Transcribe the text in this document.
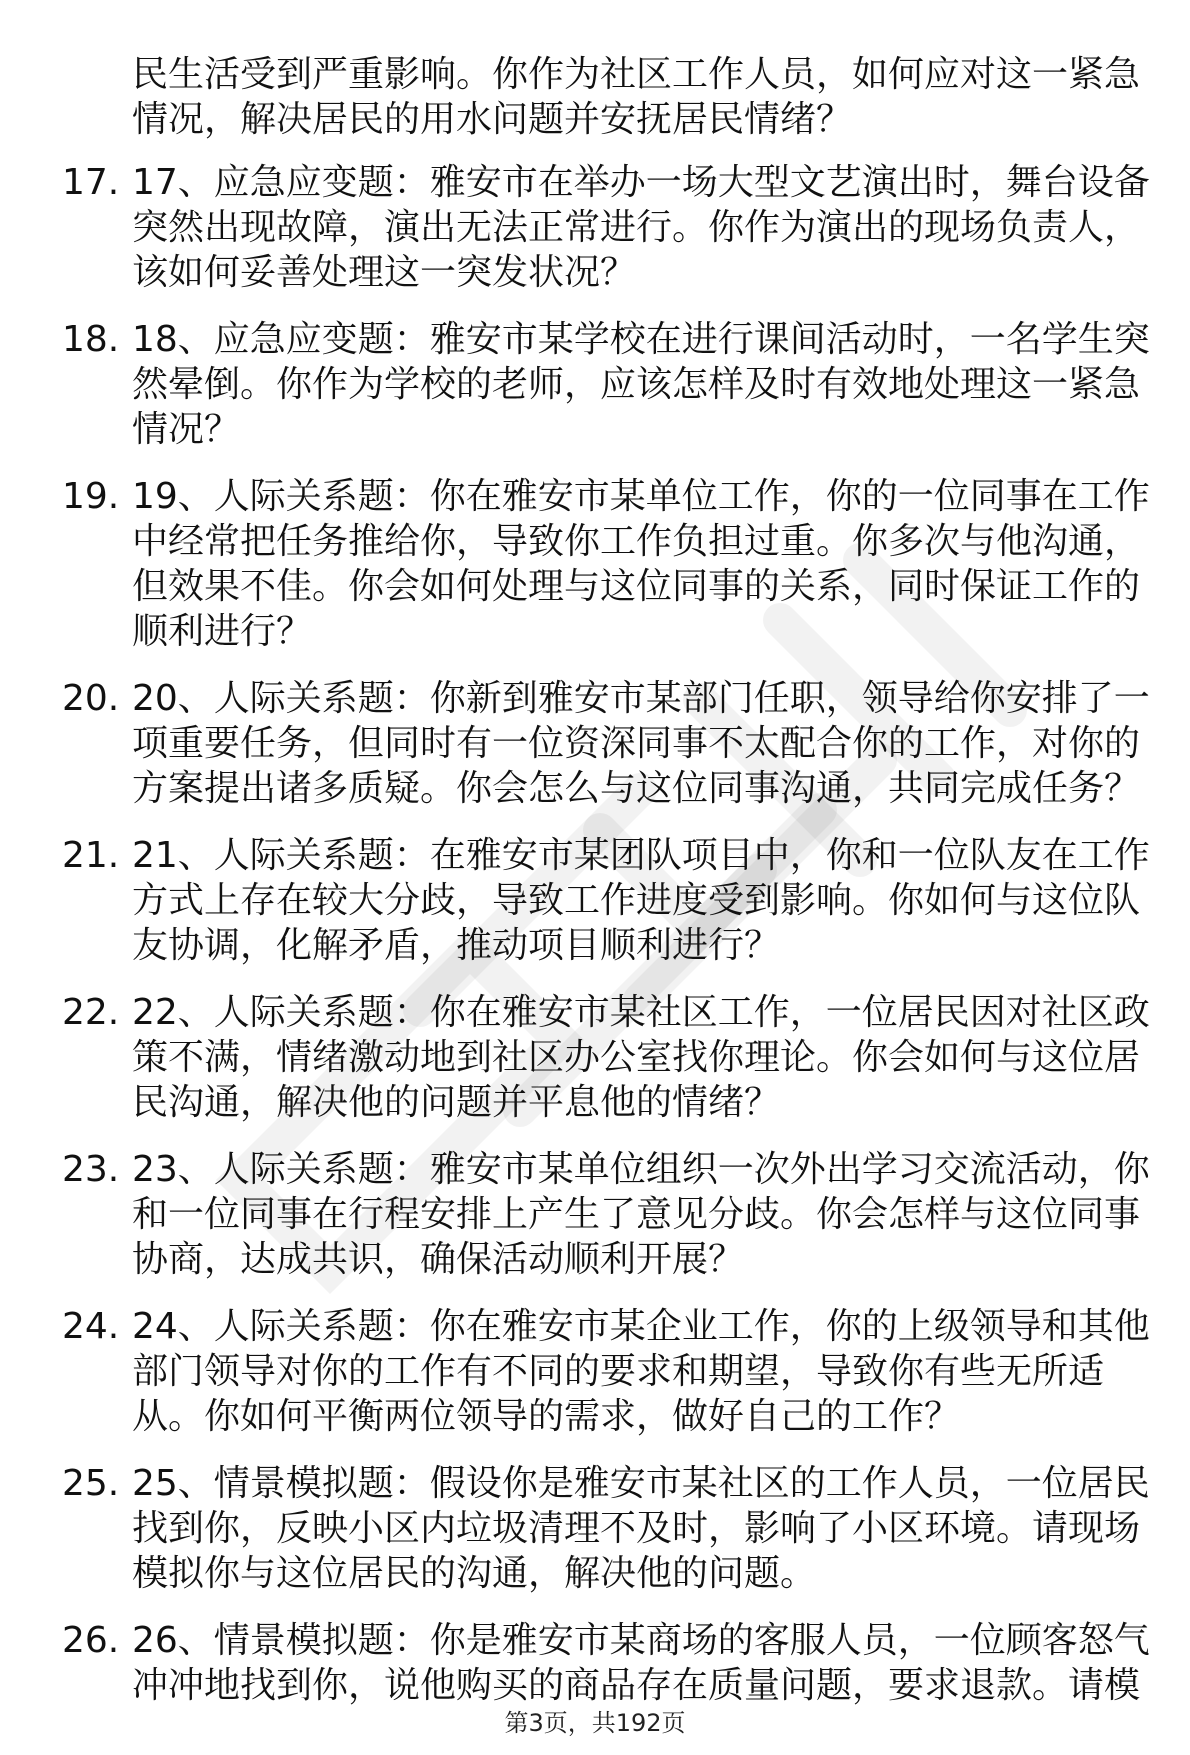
民生活受到严重影响。你作为社区工作人员，如何应对这一紧急情况，解决居民的用水问题并安抚居民情绪？

17. 17、应急应变题：雅安市在举办一场大型文艺演出时，舞台设备突然出现故障，演出无法正常进行。你作为演出的现场负责人，该如何妥善处理这一突发状况？
18. 18、应急应变题：雅安市某学校在进行课间活动时，一名学生突然晕倒。你作为学校的老师，应该怎样及时有效地处理这一紧急情况？
19. 19、人际关系题：你在雅安市某单位工作，你的一位同事在工作中经常把任务推给你，导致你工作负担过重。你多次与他沟通，但效果不佳。你会如何处理与这位同事的关系，同时保证工作的顺利进行？
20. 20、人际关系题：你新到雅安市某部门任职，领导给你安排了一项重要任务，但同时有一位资深同事不太配合你的工作，对你的方案提出诸多质疑。你会怎么与这位同事沟通，共同完成任务？
21. 21、人际关系题：在雅安市某团队项目中，你和一位队友在工作方式上存在较大分歧，导致工作进度受到影响。你如何与这位队友协调，化解矛盾，推动项目顺利进行？
22. 22、人际关系题：你在雅安市某社区工作，一位居民因对社区政策不满，情绪激动地到社区办公室找你理论。你会如何与这位居民沟通，解决他的问题并平息他的情绪？
23. 23、人际关系题：雅安市某单位组织一次外出学习交流活动，你和一位同事在行程安排上产生了意见分歧。你会怎样与这位同事协商，达成共识，确保活动顺利开展？
24. 24、人际关系题：你在雅安市某企业工作，你的上级领导和其他部门领导对你的工作有不同的要求和期望，导致你有些无所适从。你如何平衡两位领导的需求，做好自己的工作？
25. 25、情景模拟题：假设你是雅安市某社区的工作人员，一位居民找到你，反映小区内垃圾清理不及时，影响了小区环境。请现场模拟你与这位居民的沟通，解决他的问题。
26. 26、情景模拟题：你是雅安市某商场的客服人员，一位顾客怒气冲冲地找到你，说他购买的商品存在质量问题，要求退款。请模
第3页，共192页
